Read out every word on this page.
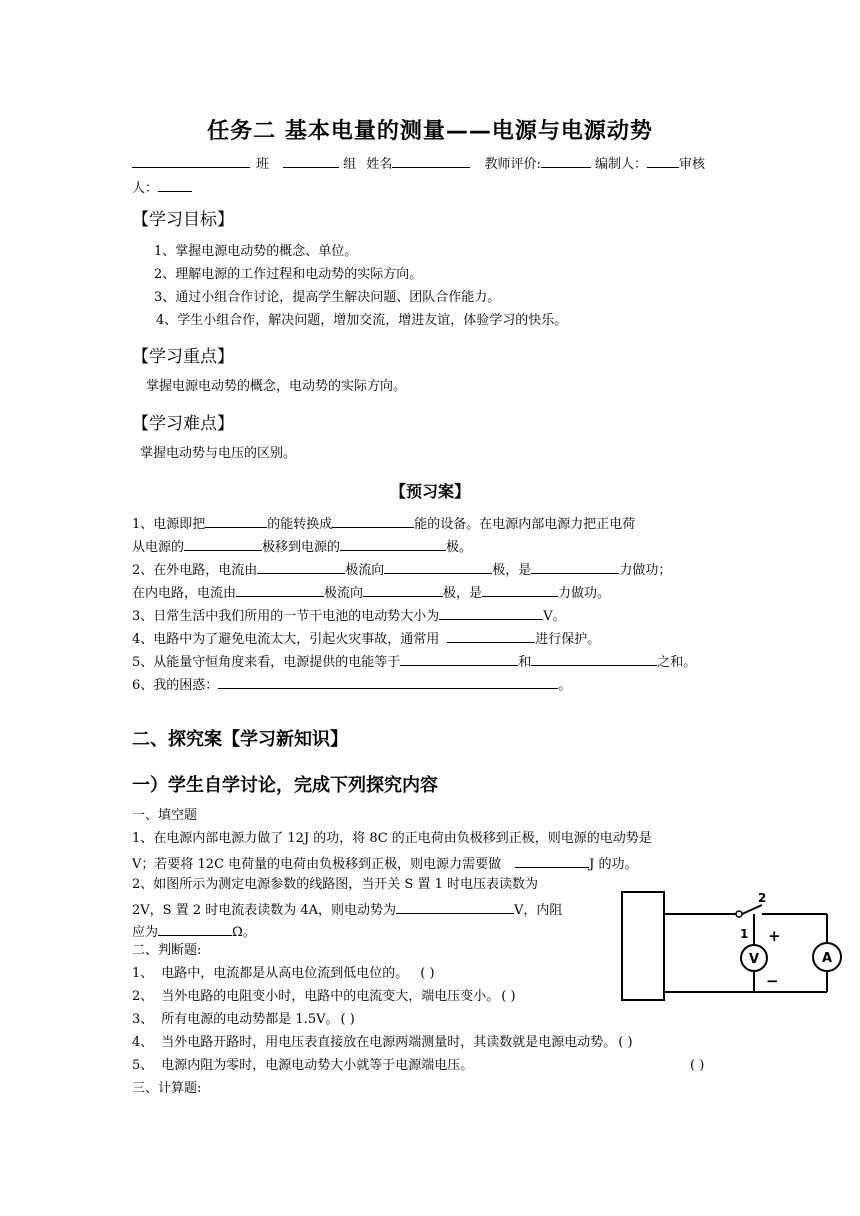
任务二 基本电量的测量——电源与电源动势
班	组 姓名	教师评价:	编制人： 审核
人：
【学习目标】
1、掌握电源电动势的概念、单位。
2、理解电源的工作过程和电动势的实际方向。
3、通过小组合作讨论，提高学生解决问题、团队合作能力。
4、学生小组合作，解决问题，增加交流，增进友谊，体验学习的快乐。
【学习重点】
掌握电源电动势的概念，电动势的实际方向。
【学习难点】
掌握电动势与电压的区别。
【预习案】
1、电源即把	的能转换成	能的设备。在电源内部电源力把正电荷
从电源的	极移到电源的	极。
2、在外电路，电流由	极流向	极，是	力做功；
在内电路，电流由	极流向	极，是	力做功。
3、日常生活中我们所用的一节干电池的电动势大小为	V。
4、电路中为了避免电流太大，引起火灾事故，通常用	进行保护。
5、从能量守恒角度来看，电源提供的电能等于	和	之和。
6、我的困惑：	。
二、探究案【学习新知识】
一）学生自学讨论，完成下列探究内容
一、填空题
1、在电源内部电源力做了 12J 的功，将 8C 的正电荷由负极移到正极，则电源的电动势是
V；若要将 12C 电荷量的电荷由负极移到正极，则电源力需要做	J 的功。
2、如图所示为测定电源参数的线路图，当开关 S 置 1 时电压表读数为
2V，S 置 2 时电流表读数为 4A，则电动势为	V，内阻
应为	Ω。
二、判断题:
1、 电路中，电流都是从高电位流到低电位的。 ( )
2、 当外电路的电阻变小时，电路中的电流变大，端电压变小。 ( )
3、 所有电源的电动势都是 1.5V。 ( )
4、 当外电路开路时，用电压表直接放在电源两端测量时，其读数就是电源电动势。 ( )
5、 电源内阻为零时，电源电动势大小就等于电源端电压。	( )
三、计算题:
V	A
2
1 +
−
